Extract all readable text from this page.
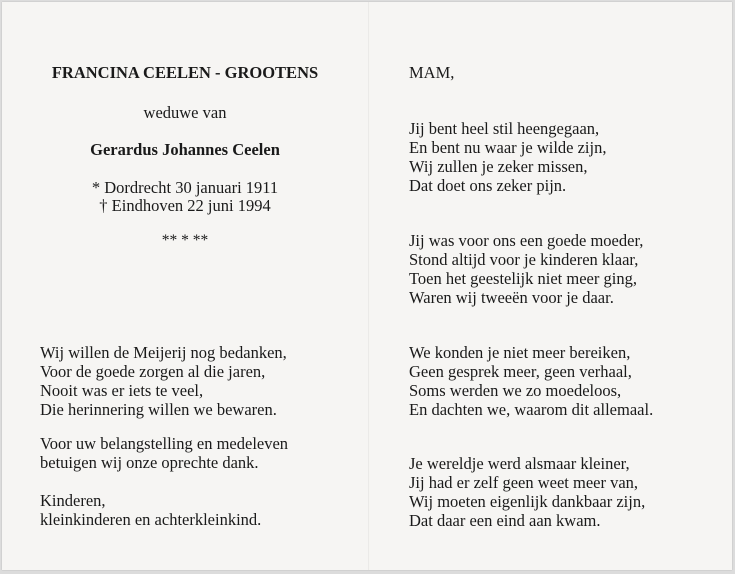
FRANCINA CEELEN - GROOTENS
weduwe van
Gerardus Johannes Ceelen
* Dordrecht 30 januari 1911
† Eindhoven 22 juni 1994
** * **
Wij willen de Meijerij nog bedanken,
Voor de goede zorgen al die jaren,
Nooit was er iets te veel,
Die herinnering willen we bewaren.
Voor uw belangstelling en medeleven
betuigen wij onze oprechte dank.
Kinderen,
kleinkinderen en achterkleinkind.
MAM,
Jij bent heel stil heengegaan,
En bent nu waar je wilde zijn,
Wij zullen je zeker missen,
Dat doet ons zeker pijn.
Jij was voor ons een goede moeder,
Stond altijd voor je kinderen klaar,
Toen het geestelijk niet meer ging,
Waren wij tweeën voor je daar.
We konden je niet meer bereiken,
Geen gesprek meer, geen verhaal,
Soms werden we zo moedeloos,
En dachten we, waarom dit allemaal.
Je wereldje werd alsmaar kleiner,
Jij had er zelf geen weet meer van,
Wij moeten eigenlijk dankbaar zijn,
Dat daar een eind aan kwam.
